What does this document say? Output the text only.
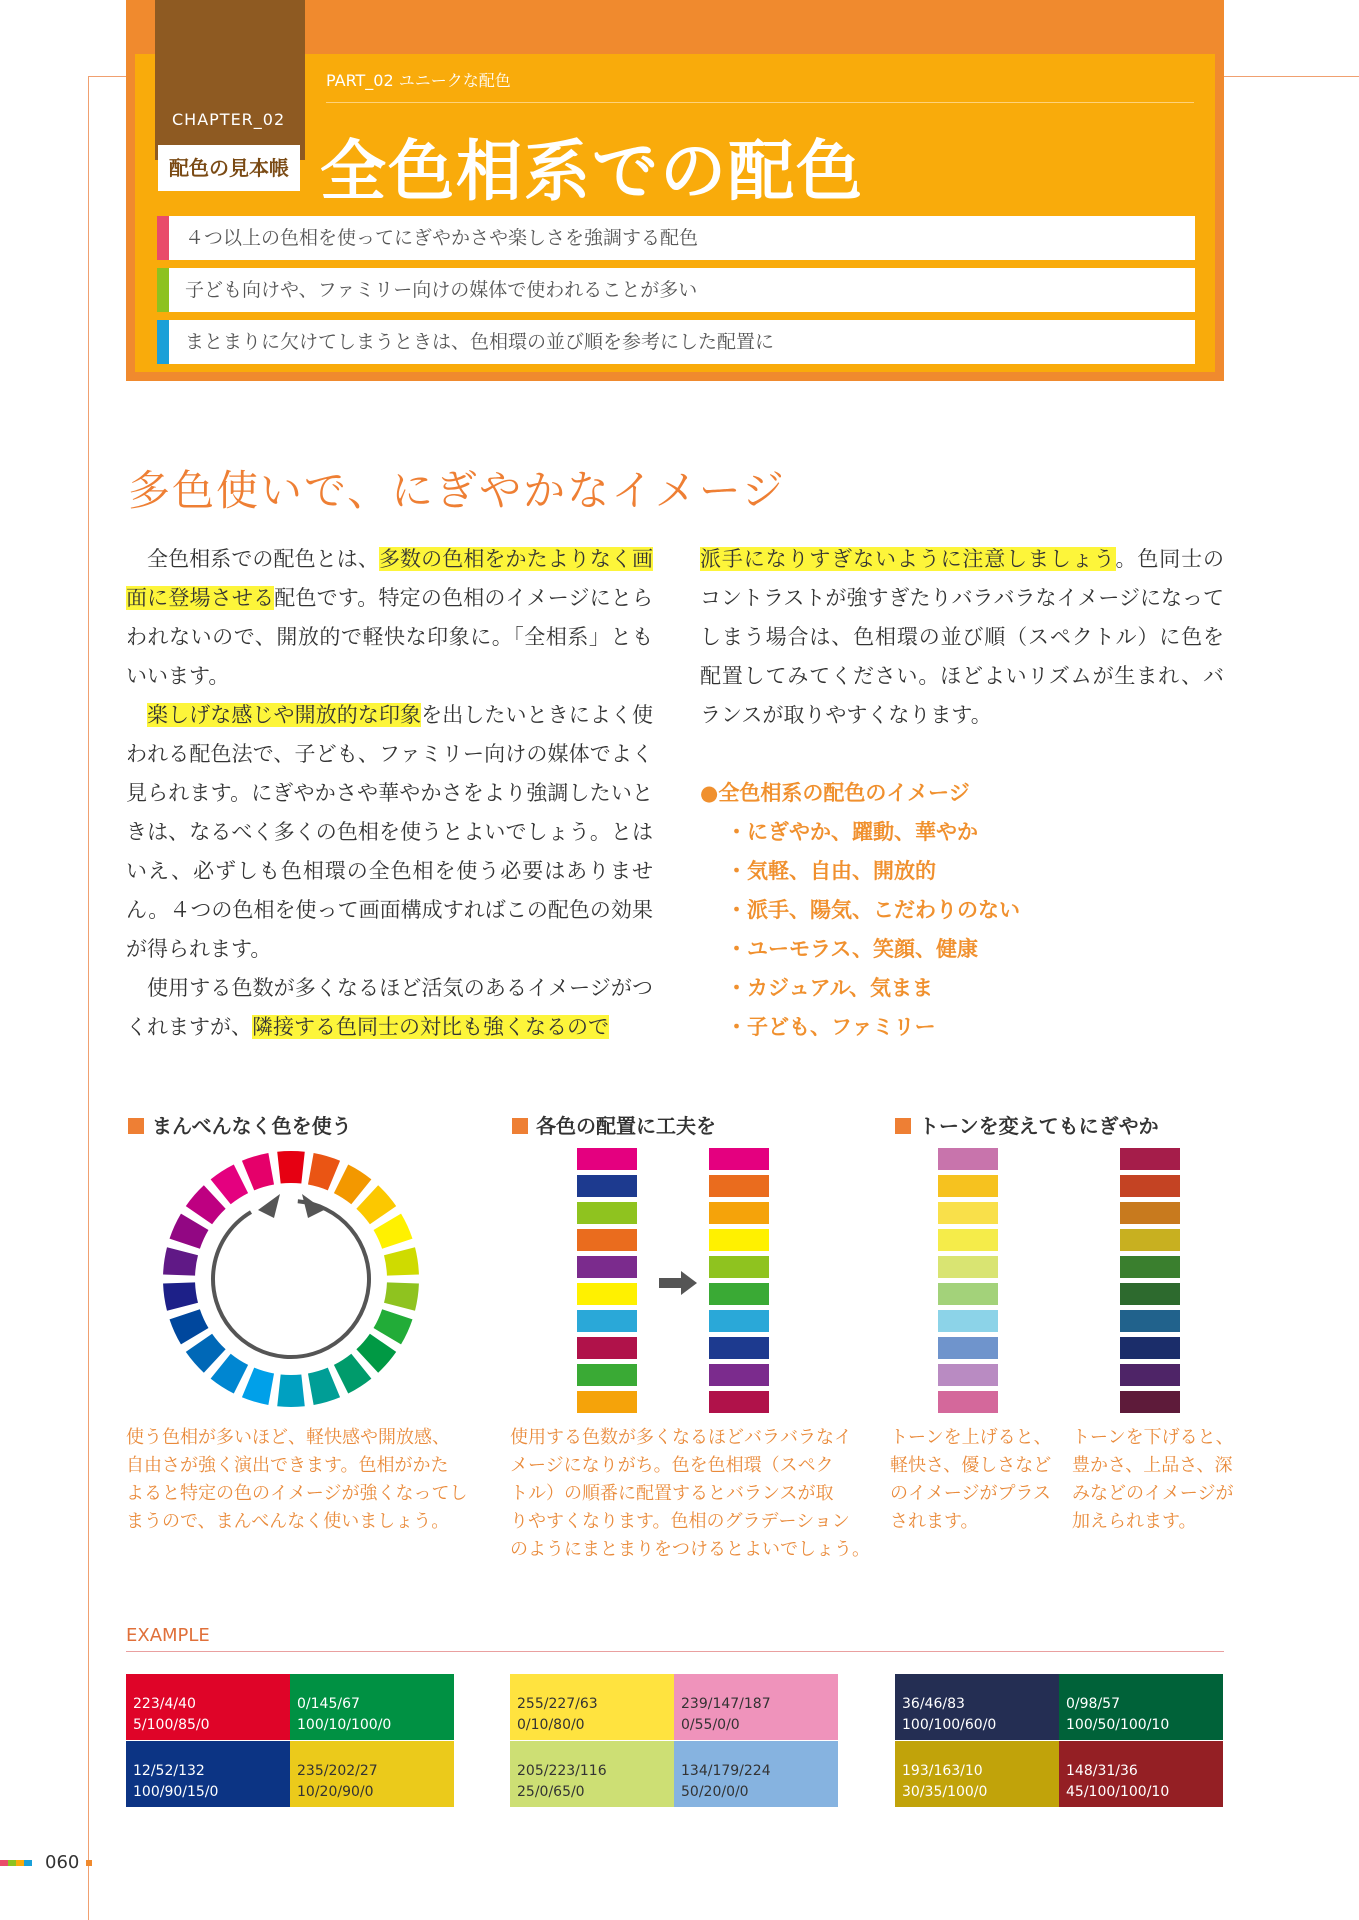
CHAPTER_02
配色の見本帳
PART_02 ユニークな配色
全色相系での配色
４つ以上の色相を使ってにぎやかさや楽しさを強調する配色
子ども向けや、ファミリー向けの媒体で使われることが多い
まとまりに欠けてしまうときは、色相環の並び順を参考にした配置に
多色使いで、にぎやかなイメージ
全色相系での配色とは、多数の色相をかたよりなく画面に登場させる配色です。特定の色相のイメージにとらわれないので、開放的で軽快な印象に。「全相系」ともいいます。
楽しげな感じや開放的な印象を出したいときによく使われる配色法で、子ども、ファミリー向けの媒体でよく見られます。にぎやかさや華やかさをより強調したいときは、なるべく多くの色相を使うとよいでしょう。とはいえ、必ずしも色相環の全色相を使う必要はありません。４つの色相を使って画面構成すればこの配色の効果が得られます。
使用する色数が多くなるほど活気のあるイメージがつくれますが、隣接する色同士の対比も強くなるので
派手になりすぎないように注意しましょう。色同士のコントラストが強すぎたりバラバラなイメージになってしまう場合は、色相環の並び順（スペクトル）に色を配置してみてください。ほどよいリズムが生まれ、バランスが取りやすくなります。
●全色相系の配色のイメージ
・にぎやか、躍動、華やか
・気軽、自由、開放的
・派手、陽気、こだわりのない
・ユーモラス、笑顔、健康
・カジュアル、気まま
・子ども、ファミリー
まんべんなく色を使う	各色の配置に工夫を	トーンを変えてもにぎやか
使う色相が多いほど、軽快感や開放感、
自由さが強く演出できます。色相がかた
よると特定の色のイメージが強くなってし
まうので、まんべんなく使いましょう。
使用する色数が多くなるほどバラバラなイ
メージになりがち。色を色相環（スペク
トル）の順番に配置するとバランスが取
りやすくなります。色相のグラデーション
のようにまとまりをつけるとよいでしょう。
トーンを上げると、
軽快さ、優しさなど
のイメージがプラス
されます。
トーンを下げると、
豊かさ、上品さ、深
みなどのイメージが
加えられます。
EXAMPLE
223/4/40
5/100/85/0
0/145/67
100/10/100/0
12/52/132
100/90/15/0
235/202/27
10/20/90/0
255/227/63
0/10/80/0
239/147/187
0/55/0/0
205/223/116
25/0/65/0
134/179/224
50/20/0/0
36/46/83
100/100/60/0
0/98/57
100/50/100/10
193/163/10
30/35/100/0
148/31/36
45/100/100/10
060
